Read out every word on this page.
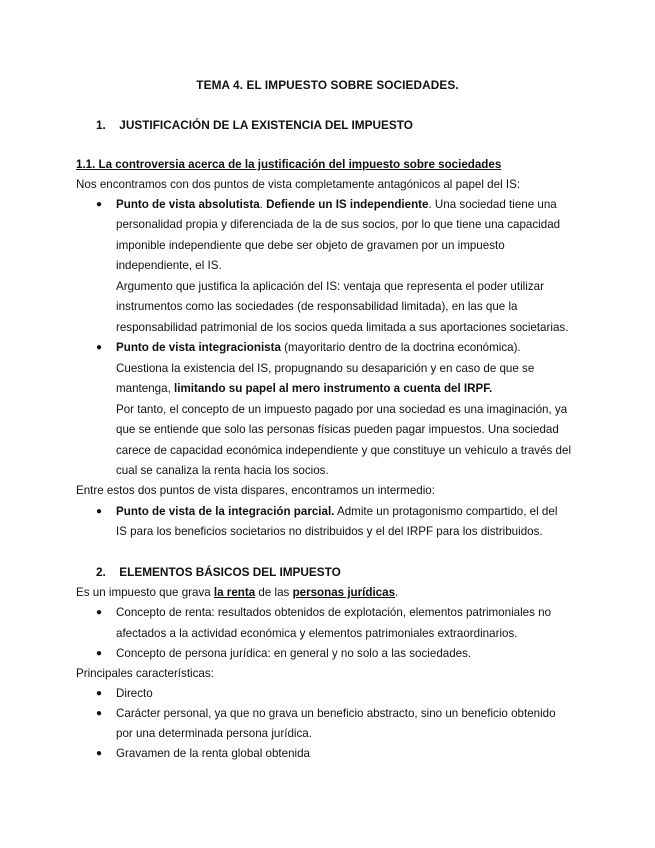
TEMA 4. EL IMPUESTO SOBRE SOCIEDADES.
1. JUSTIFICACIÓN DE LA EXISTENCIA DEL IMPUESTO
1.1. La controversia acerca de la justificación del impuesto sobre sociedades
Nos encontramos con dos puntos de vista completamente antagónicos al papel del IS:
●	Punto de vista absolutista. Defiende un IS independiente. Una sociedad tiene una
personalidad propia y diferenciada de la de sus socios, por lo que tiene una capacidad
imponible independiente que debe ser objeto de gravamen por un impuesto
independiente, el IS.
Argumento que justifica la aplicación del IS: ventaja que representa el poder utilizar
instrumentos como las sociedades (de responsabilidad limitada), en las que la
responsabilidad patrimonial de los socios queda limitada a sus aportaciones societarias.
●	Punto de vista integracionista (mayoritario dentro de la doctrina económica).
Cuestiona la existencia del IS, propugnando su desaparición y en caso de que se
mantenga, limitando su papel al mero instrumento a cuenta del IRPF.
Por tanto, el concepto de un impuesto pagado por una sociedad es una imaginación, ya
que se entiende que solo las personas físicas pueden pagar impuestos. Una sociedad
carece de capacidad económica independiente y que constituye un vehículo a través del
cual se canaliza la renta hacia los socios.
Entre estos dos puntos de vista dispares, encontramos un intermedio:
●	Punto de vista de la integración parcial. Admite un protagonismo compartido, el del
IS para los beneficios societarios no distribuidos y el del IRPF para los distribuidos.
2. ELEMENTOS BÁSICOS DEL IMPUESTO
Es un impuesto que grava la renta de las personas jurídicas.
●	Concepto de renta: resultados obtenidos de explotación, elementos patrimoniales no
afectados a la actividad económica y elementos patrimoniales extraordinarios.
●	Concepto de persona jurídica: en general y no solo a las sociedades.
Principales características:
●	Directo
●	Carácter personal, ya que no grava un beneficio abstracto, sino un beneficio obtenido
por una determinada persona jurídica.
●	Gravamen de la renta global obtenida
